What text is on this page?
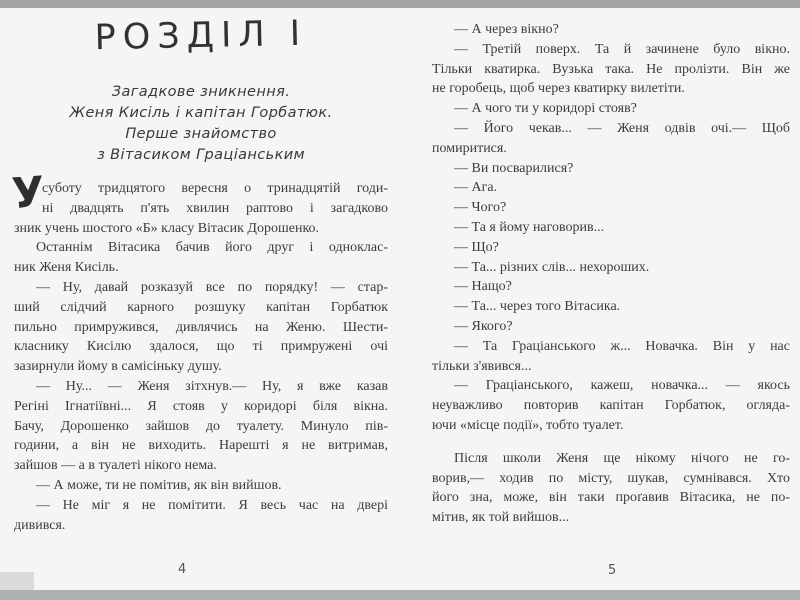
РОЗДІЛ І
Загадкове зникнення.
Женя Кисіль і капітан Горбатюк.
Перше знайомство
з Вітасиком Граціанським
У
суботу тридцятого вересня о тринадцятій годи-
ні двадцять п'ять хвилин раптово і загадково
зник учень шостого «Б» класу Вітасик Дорошенко.
Останнім Вітасика бачив його друг і одноклас-
ник Женя Кисіль.
— Ну, давай розказуй все по порядку! — стар-
ший слідчий карного розшуку капітан Горбатюк
пильно примружився, дивлячись на Женю. Шести-
класнику Кисілю здалося, що ті примружені очі
зазирнули йому в самісіньку душу.
— Ну... — Женя зітхнув.— Ну, я вже казав
Регіні Ігнатіївні... Я стояв у коридорі біля вікна.
Бачу, Дорошенко зайшов до туалету. Минуло пів-
години, а він не виходить. Нарешті я не витримав,
зайшов — а в туалеті нікого нема.
— А може, ти не помітив, як він вийшов.
— Не міг я не помітити. Я весь час на двері
дивився.
— А через вікно?
— Третій поверх. Та й зачинене було вікно.
Тільки кватирка. Вузька така. Не пролізти. Він же
не горобець, щоб через кватирку вилетіти.
— А чого ти у коридорі стояв?
— Його чекав... — Женя одвів очі.— Щоб
помиритися.
— Ви посварилися?
— Ага.
— Чого?
— Та я йому наговорив...
— Що?
— Та... різних слів... нехороших.
— Нащо?
— Та... через того Вітасика.
— Якого?
— Та Граціанського ж... Новачка. Він у нас
тільки з'явився...
— Граціанського, кажеш, новачка... — якось
неуважливо повторив капітан Горбатюк, огляда-
ючи «місце події», тобто туалет.
Після школи Женя ще нікому нічого не го-
ворив,— ходив по місту, шукав, сумнівався. Хто
його зна, може, він таки проґавив Вітасика, не по-
мітив, як той вийшов...
4	5
